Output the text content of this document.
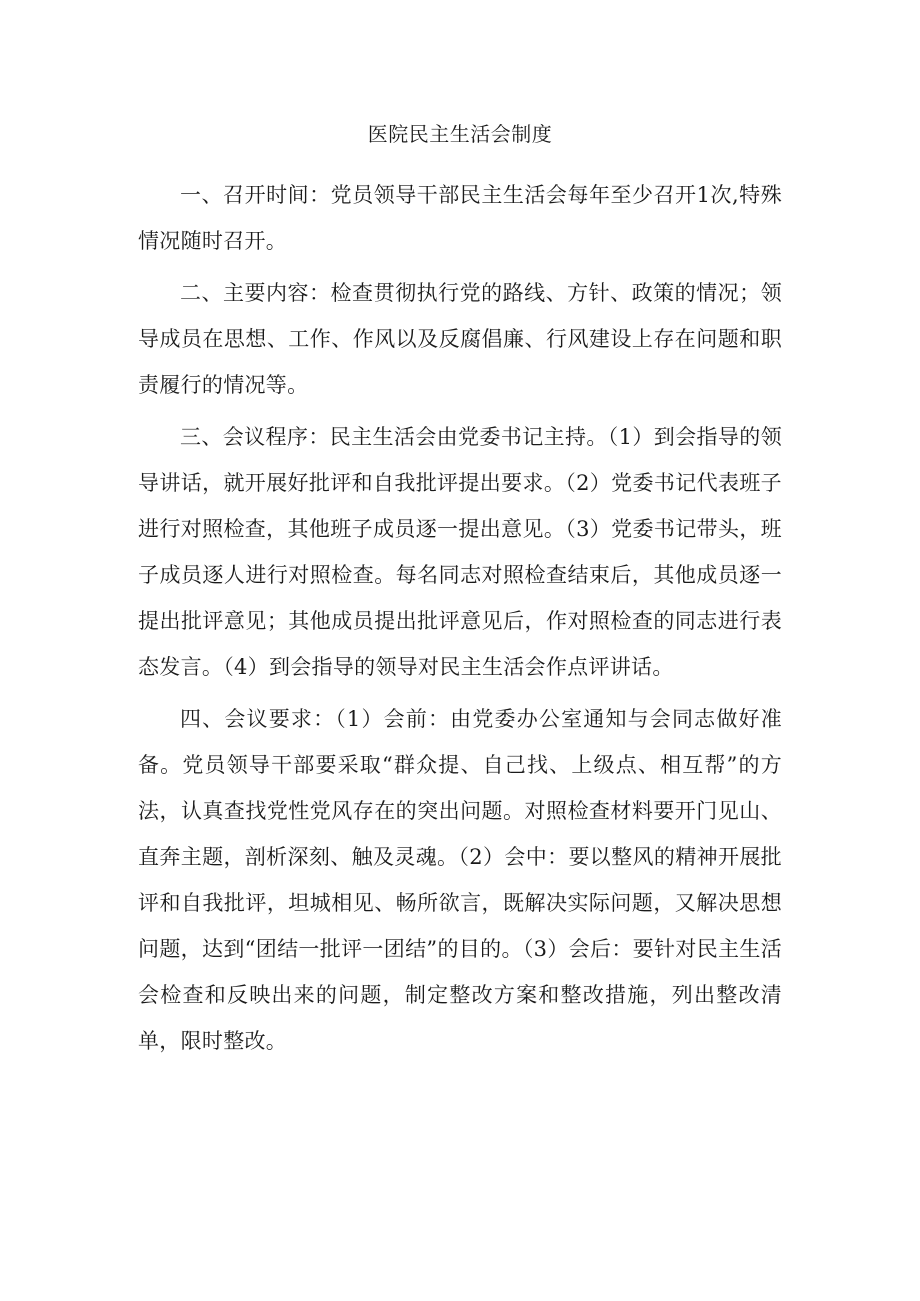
医院民主生活会制度

一、召开时间：党员领导干部民主生活会每年至少召开1次,特殊情况随时召开。

二、主要内容：检查贯彻执行党的路线、方针、政策的情况；领导成员在思想、工作、作风以及反腐倡廉、行风建设上存在问题和职责履行的情况等。

三、会议程序：民主生活会由党委书记主持。（1）到会指导的领导讲话，就开展好批评和自我批评提出要求。（2）党委书记代表班子进行对照检查，其他班子成员逐一提出意见。（3）党委书记带头，班子成员逐人进行对照检查。每名同志对照检查结束后，其他成员逐一提出批评意见；其他成员提出批评意见后，作对照检查的同志进行表态发言。（4）到会指导的领导对民主生活会作点评讲话。

四、会议要求：（1）会前：由党委办公室通知与会同志做好准备。党员领导干部要采取“群众提、自己找、上级点、相互帮”的方法，认真查找党性党风存在的突出问题。对照检查材料要开门见山、直奔主题，剖析深刻、触及灵魂。（2）会中：要以整风的精神开展批评和自我批评，坦城相见、畅所欲言，既解决实际问题，又解决思想问题，达到“团结一批评一团结”的目的。（3）会后：要针对民主生活会检查和反映出来的问题，制定整改方案和整改措施，列出整改清单，限时整改。
